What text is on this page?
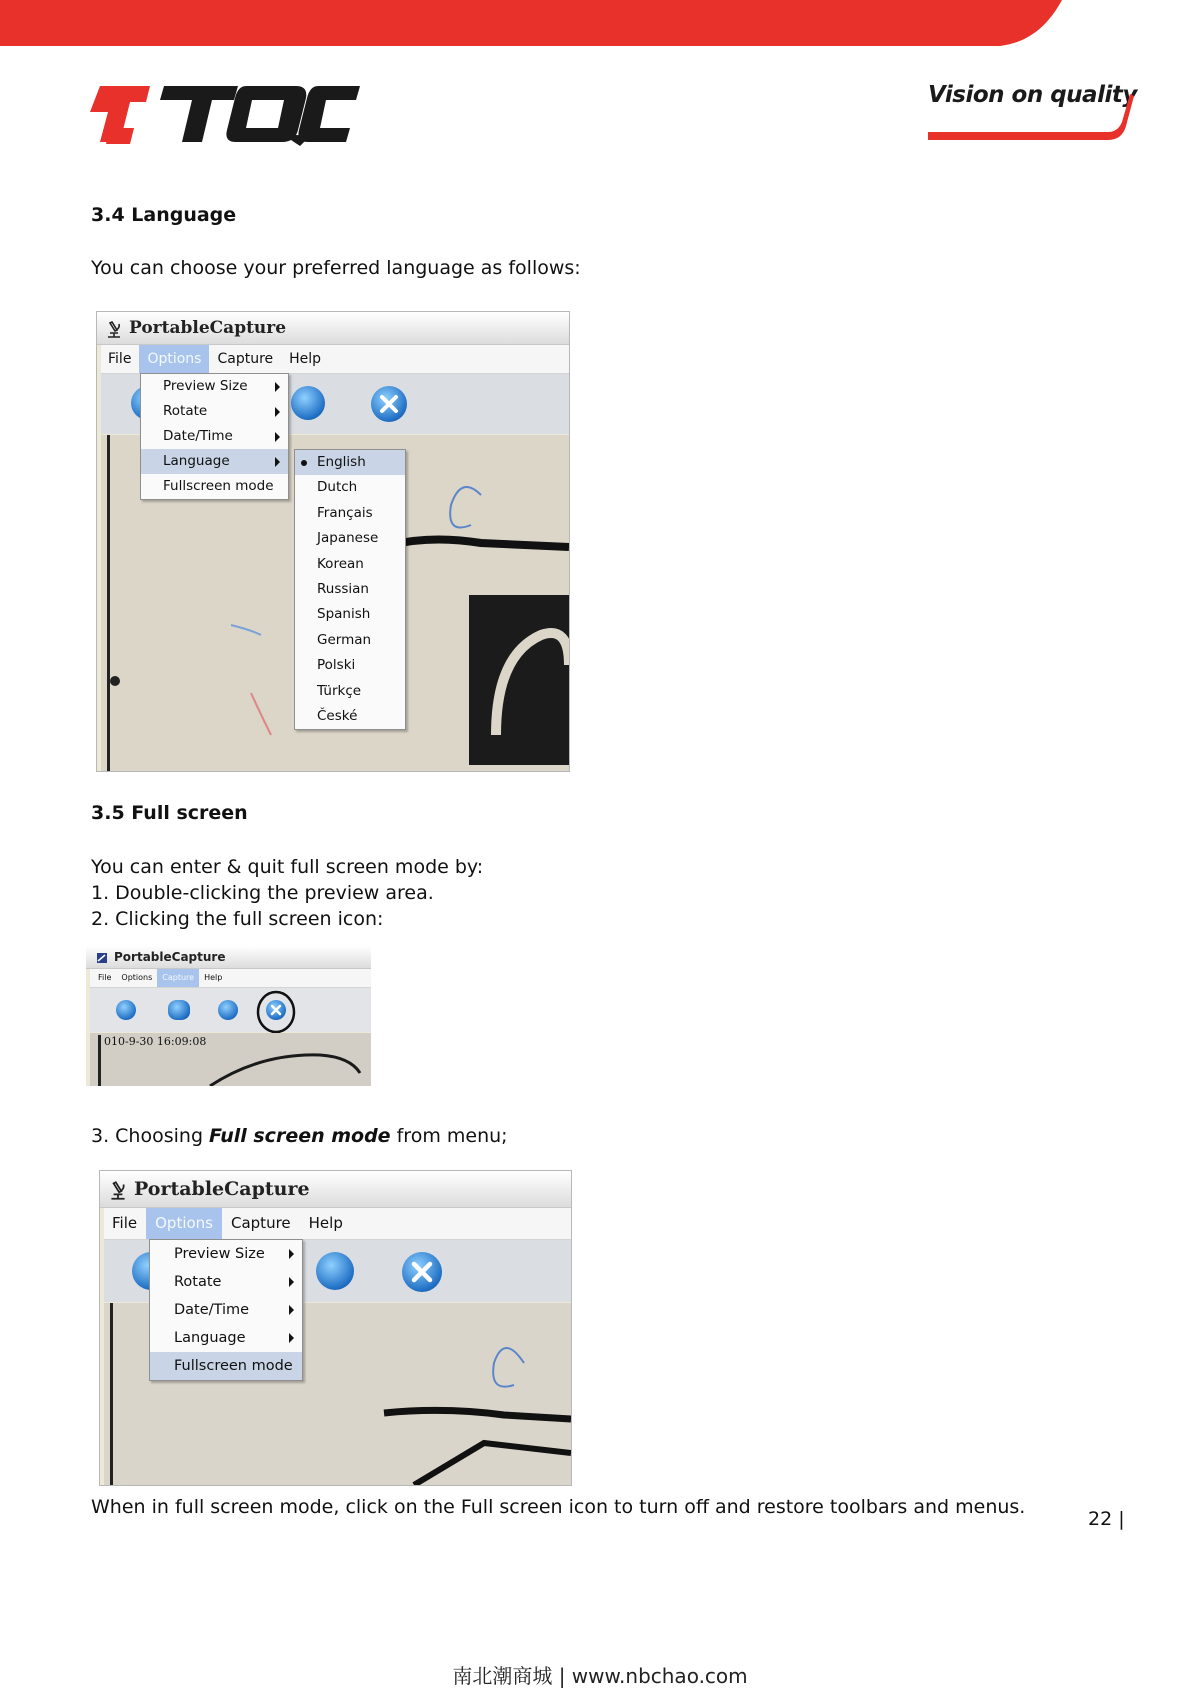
Vision on quality
3.4 Language
You can choose your preferred language as follows:
PortableCapture
File Options Capture Help
Preview Size
Rotate
Date/Time
Language
Fullscreen mode
English
Dutch
Français
Japanese
Korean
Russian
Spanish
German
Polski
Türkçe
České
3.5 Full screen
You can enter & quit full screen mode by:
1. Double-clicking the preview area.
2. Clicking the full screen icon:
PortableCapture
File Options Capture Help
010-9-30 16:09:08
3. Choosing Full screen mode from menu;
PortableCapture
File Options Capture Help
Preview Size
Rotate
Date/Time
Language
Fullscreen mode
When in full screen mode, click on the Full screen icon to turn off and restore toolbars and menus.
22 |
南北潮商城 | www.nbchao.com
